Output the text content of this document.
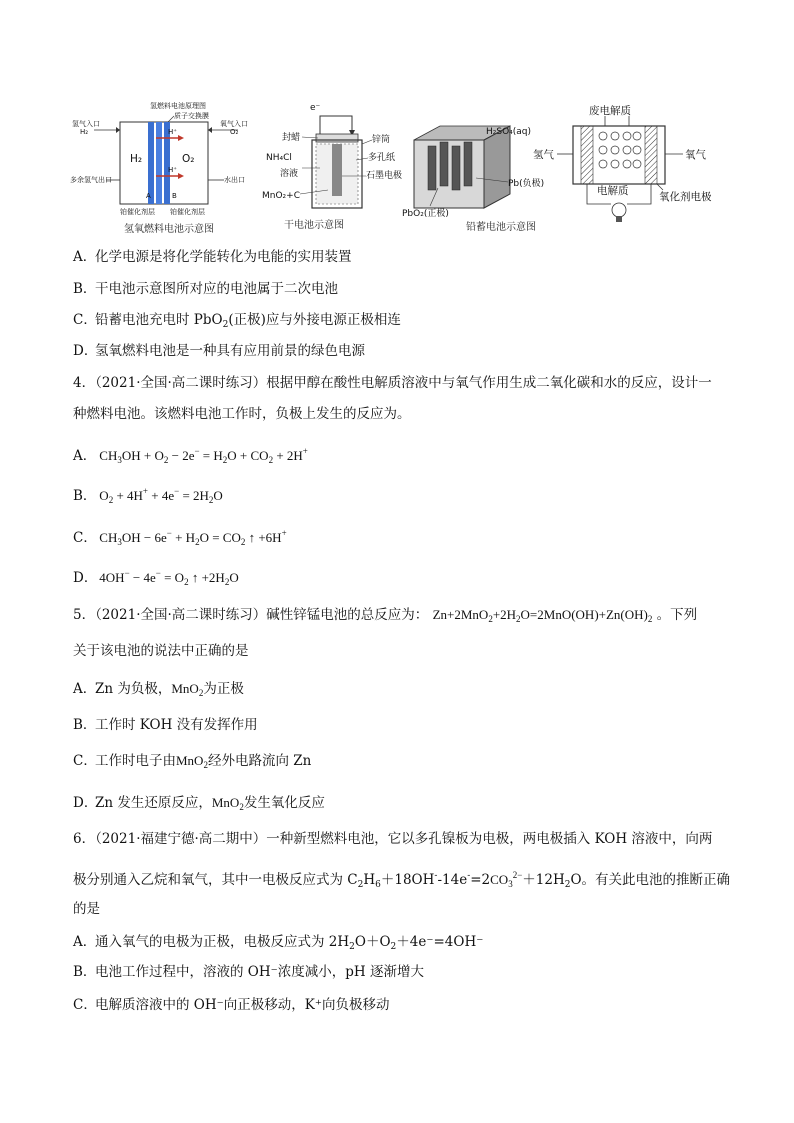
氢燃料电池原理图
质子交换膜
H₂	O₂
H⁺
H⁺
氢气入口
H₂
多余氢气出口
氧气入口
O₂
水出口
A	B
铂催化剂层 铂催化剂层
氢氧燃料电池示意图
e⁻
封蜡
NH₄Cl
溶液
MnO₂+C
锌筒
多孔纸
石墨电极
干电池示意图
H₂SO₄(aq)
Pb(负极)
PbO₂(正极)
铅蓄电池示意图
废电解质
氢气	氧气
电解质	氧化剂电极
A．化学电源是将化学能转化为电能的实用装置
B．干电池示意图所对应的电池属于二次电池
C．铅蓄电池充电时 PbO$_2$(正极)应与外接电源正极相连
D．氢氧燃料电池是一种具有应用前景的绿色电源
4．（2021·全国·高二课时练习）根据甲醇在酸性电解质溶液中与氧气作用生成二氧化碳和水的反应，设计一
种燃料电池。该燃料电池工作时，负极上发生的反应为。
A． $CH_3OH + O_2 - 2e^- = H_2O + CO_2 + 2H^+$
B． $O_2 + 4H^+ + 4e^- = 2H_2O$
C． $CH_3OH - 6e^- + H_2O = CO_2$ ↑ +6H+
D． $4OH^- - 4e^- = O_2$ ↑ $+2H_2O$
5．（2021·全国·高二课时练习）碱性锌锰电池的总反应为： $Zn+2MnO_2+2H_2O=2MnO(OH)+Zn(OH)_2$ 。下列
关于该电池的说法中正确的是
A．Zn 为负极，MnO$_2$为正极
B．工作时 KOH 没有发挥作用
C．工作时电子由MnO$_2$经外电路流向 Zn
D．Zn 发生还原反应，MnO$_2$发生氧化反应
6．（2021·福建宁德·高二期中）一种新型燃料电池，它以多孔镍板为电极，两电极插入 KOH 溶液中，向两
极分别通入乙烷和氧气，其中一电极反应式为 $C_2H_6+18OH^--14e^-=2CO_3^{2-}+12H_2O$。有关此电池的推断正确
的是
A．通入氧气的电极为正极，电极反应式为 $2H_2O+O_2+4e^-=4OH^-$
B．电池工作过程中，溶液的 OH⁻浓度减小，pH 逐渐增大
C．电解质溶液中的 OH⁻向正极移动，K⁺向负极移动
